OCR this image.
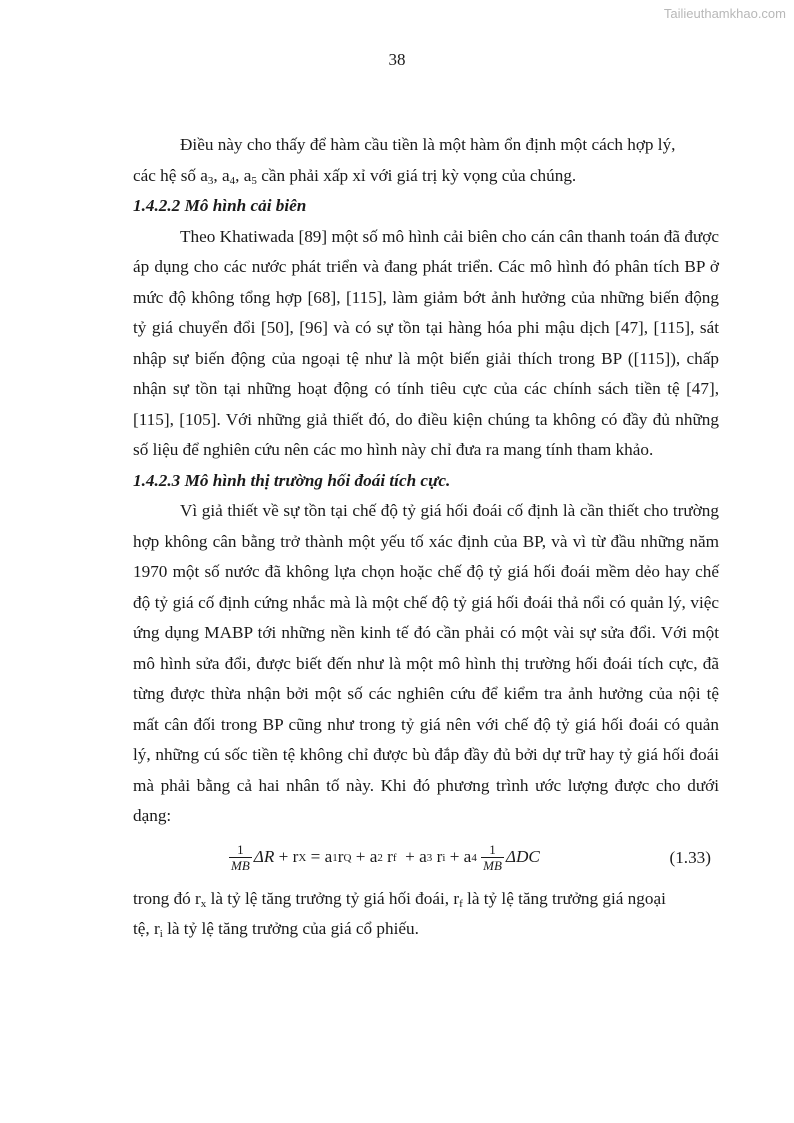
Tailieuthamkhao.com
38

Điều này cho thấy để hàm cầu tiền là một hàm ổn định một cách hợp lý,
các hệ số $a_3$, $a_4$, $a_5$ cần phải xấp xỉ với giá trị kỳ vọng của chúng.

1.4.2.2 Mô hình cải biên

Theo Khatiwada [89] một số mô hình cải biên cho cán cân thanh toán đã được áp dụng cho các nước phát triển và đang phát triển. Các mô hình đó phân tích BP ở mức độ không tổng hợp [68], [115], làm giảm bớt ảnh hưởng của những biến động tỷ giá chuyển đổi [50], [96] và có sự tồn tại hàng hóa phi mậu dịch [47], [115], sát nhập sự biến động của ngoại tệ như là một biến giải thích trong BP ([115]), chấp nhận sự tồn tại những hoạt động có tính tiêu cực của các chính sách tiền tệ [47], [115], [105]. Với những giả thiết đó, do điều kiện chúng ta không có đầy đủ những số liệu để nghiên cứu nên các mo hình này chỉ đưa ra mang tính tham khảo.

1.4.2.3 Mô hình thị trường hối đoái tích cực.

Vì giả thiết về sự tồn tại chế độ tỷ giá hối đoái cố định là cần thiết cho trường hợp không cân bằng trở thành một yếu tố xác định của BP, và vì từ đầu những năm 1970 một số nước đã không lựa chọn hoặc chế độ tỷ giá hối đoái mềm dẻo hay chế độ tỷ giá cố định cứng nhắc mà là một chế độ tỷ giá hối đoái thả nổi có quản lý, việc ứng dụng MABP tới những nền kinh tế đó cần phải có một vài sự sửa đổi. Với một mô hình sửa đổi, được biết đến như là một mô hình thị trường hối đoái tích cực, đã từng được thừa nhận bởi một số các nghiên cứu để kiểm tra ảnh hưởng của nội tệ mất cân đối trong BP cũng như trong tỷ giá nên với chế độ tỷ giá hối đoái có quản lý, những cú sốc tiền tệ không chỉ được bù đắp đầy đủ bởi dự trữ hay tỷ giá hối đoái mà phải bằng cả hai nhân tố này. Khi đó phương trình ước lượng được cho dưới dạng:

$\frac{1}{MB}$ ΔR
+ r X
= a 1 r Q
+ a 2
r f
+ a 3
r i
+ a 4
$\frac{1}{MB}$ ΔDC	(1.33)

trong đó $r_x$ là tỷ lệ tăng trưởng tỷ giá hối đoái, $r_f$ là tỷ lệ tăng trưởng giá ngoại
tệ, $r_i$ là tỷ lệ tăng trưởng của giá cổ phiếu.
